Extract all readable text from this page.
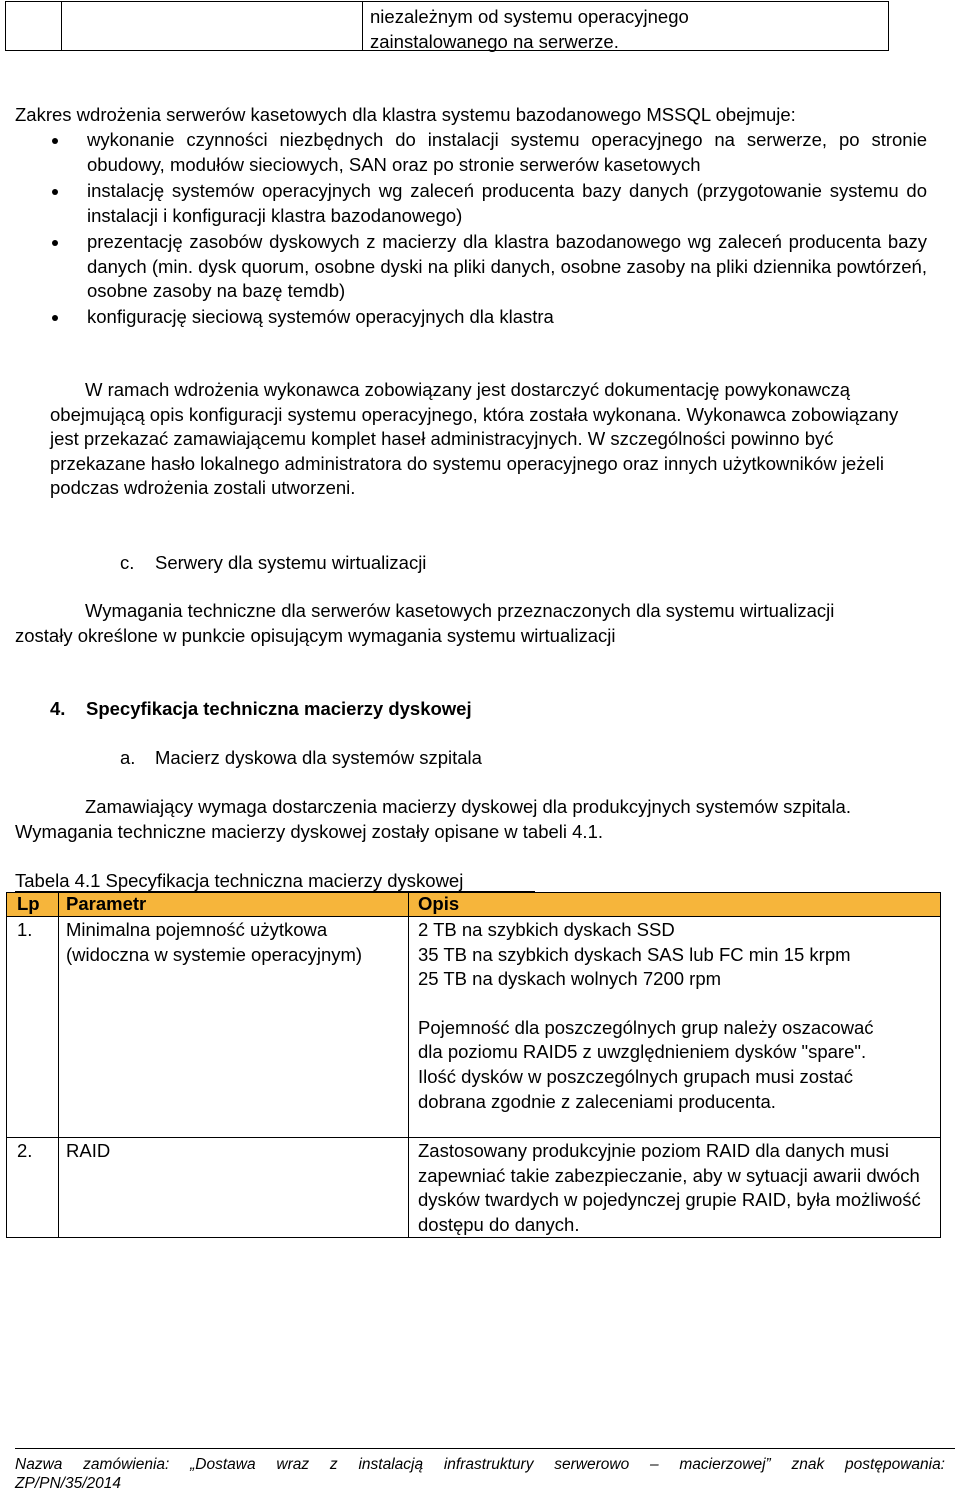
niezależnym od systemu operacyjnego
zainstalowanego na serwerze.
Zakres wdrożenia serwerów kasetowych dla klastra systemu bazodanowego MSSQL obejmuje:
wykonanie czynności niezbędnych do instalacji systemu operacyjnego na serwerze, po stronie obudowy, modułów sieciowych, SAN oraz po stronie serwerów kasetowych
instalację systemów operacyjnych wg zaleceń producenta bazy danych (przygotowanie systemu do instalacji i konfiguracji klastra bazodanowego)
prezentację zasobów dyskowych z macierzy dla klastra bazodanowego wg zaleceń producenta bazy danych (min. dysk quorum, osobne dyski na pliki danych, osobne zasoby na pliki dziennika powtórzeń, osobne zasoby na bazę temdb)
konfigurację sieciową systemów operacyjnych dla klastra
W ramach wdrożenia wykonawca zobowiązany jest dostarczyć dokumentację powykonawczą obejmującą opis konfiguracji systemu operacyjnego, która została wykonana. Wykonawca zobowiązany jest przekazać zamawiającemu komplet haseł administracyjnych. W szczególności powinno być przekazane hasło lokalnego administratora do systemu operacyjnego oraz innych użytkowników jeżeli podczas wdrożenia zostali utworzeni.
c. Serwery dla systemu wirtualizacji
Wymagania techniczne dla serwerów kasetowych przeznaczonych dla systemu wirtualizacji zostały określone w punkcie opisującym wymagania systemu wirtualizacji
4. Specyfikacja techniczna macierzy dyskowej
a. Macierz dyskowa dla systemów szpitala
Zamawiający wymaga dostarczenia macierzy dyskowej dla produkcyjnych systemów szpitala. Wymagania techniczne macierzy dyskowej zostały opisane w tabeli 4.1.
Tabela 4.1 Specyfikacja techniczna macierzy dyskowej
Lp Parametr	Opis
1. Minimalna pojemność użytkowa (widoczna w systemie operacyjnym)
2 TB na szybkich dyskach SSD
35 TB na szybkich dyskach SAS lub FC min 15 krpm
25 TB na dyskach wolnych 7200 rpm
Pojemność dla poszczególnych grup należy oszacować dla poziomu RAID5 z uwzględnieniem dysków "spare". Ilość dysków w poszczególnych grupach musi zostać dobrana zgodnie z zaleceniami producenta.
2. RAID	Zastosowany produkcyjnie poziom RAID dla danych musi zapewniać takie zabezpieczanie, aby w sytuacji awarii dwóch dysków twardych w pojedynczej grupie RAID, była możliwość dostępu do danych.
Nazwa zamówienia: „Dostawa wraz z instalacją infrastruktury serwerowo – macierzowej” znak postępowania:
ZP/PN/35/2014
